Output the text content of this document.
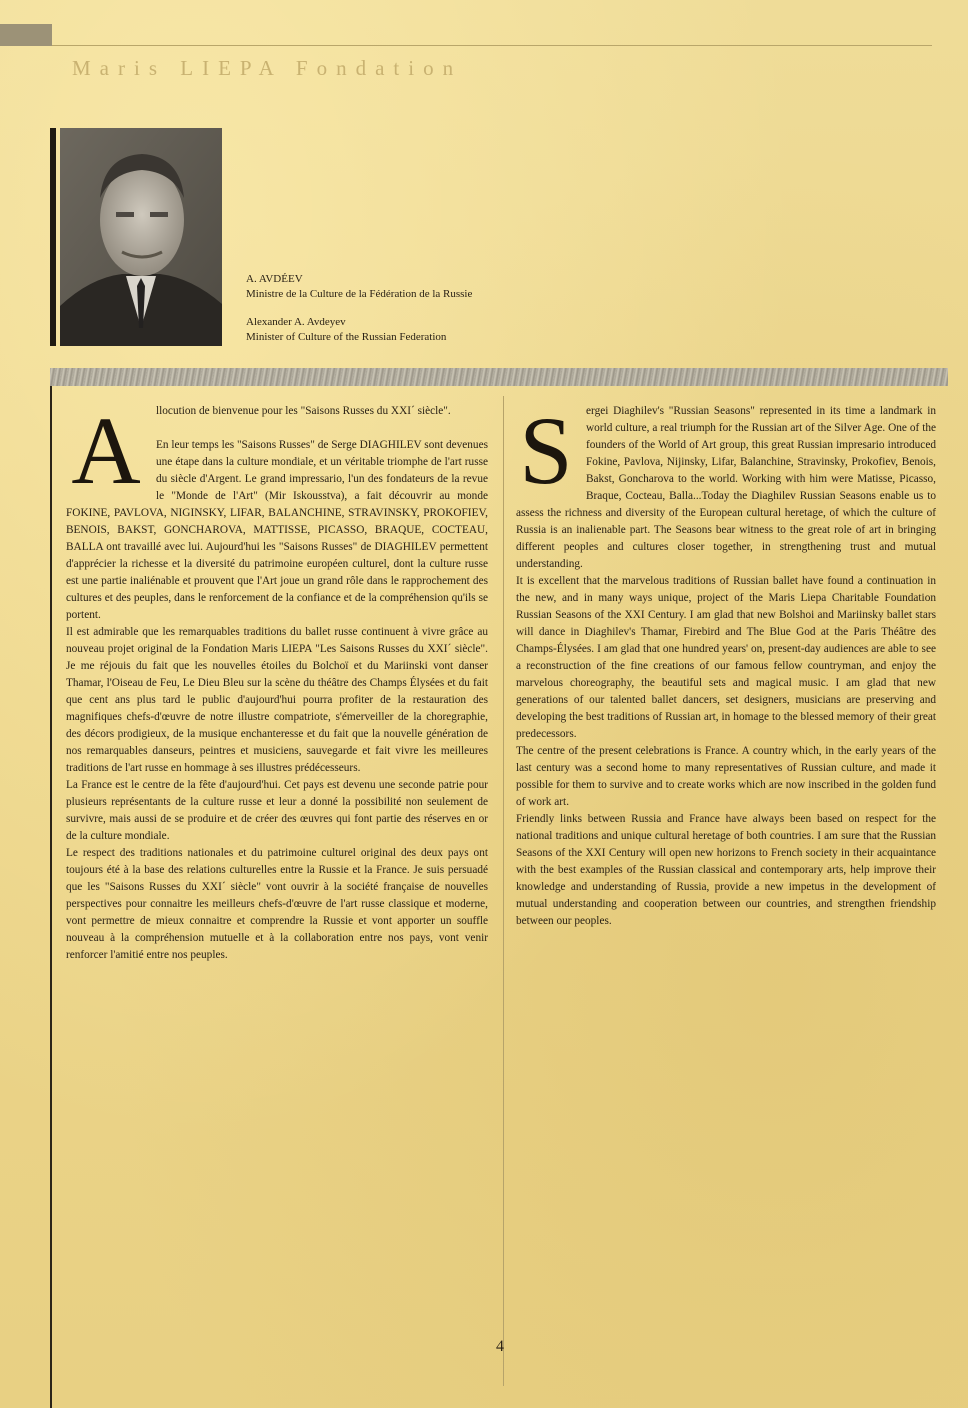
Maris LIEPA Fondation

A. AVDÉEV

Ministre de la Culture de la Fédération de la Russie

Alexander A. Avdeyev

Minister of Culture of the Russian Federation

A	llocution de bienvenue pour les "Saisons Russes du XXI´ siècle".

En leur temps les "Saisons Russes" de Serge DIAGHILEV sont devenues une étape dans la culture mondiale, et un véritable triomphe de l'art russe du siècle d'Argent. Le grand impressario, l'un des fondateurs de la revue le "Monde de l'Art" (Mir Iskousstva), a fait découvrir au monde FOKINE, PAVLOVA, NIGINSKY, LIFAR, BALANCHINE, STRAVINSKY, PROKOFIEV, BENOIS, BAKST, GONCHAROVA, MATTISSE, PICASSO, BRAQUE, COCTEAU, BALLA ont travaillé avec lui. Aujourd'hui les "Saisons Russes" de DIAGHILEV permettent d'apprécier la richesse et la diversité du patrimoine européen culturel, dont la culture russe est une partie inaliénable et prouvent que l'Art joue un grand rôle dans le rapprochement des cultures et des peuples, dans le renforcement de la confiance et de la compréhension qu'ils se portent.

Il est admirable que les remarquables traditions du ballet russe continuent à vivre grâce au nouveau projet original de la Fondation Maris LIEPA "Les Saisons Russes du XXI´ siècle". Je me réjouis du fait que les nouvelles étoiles du Bolchoï et du Mariinski vont danser Thamar, l'Oiseau de Feu, Le Dieu Bleu sur la scène du théâtre des Champs Élysées et du fait que cent ans plus tard le public d'aujourd'hui pourra profiter de la restauration des magnifiques chefs-d'œuvre de notre illustre compatriote, s'émerveiller de la choregraphie, des décors prodigieux, de la musique enchanteresse et du fait que la nouvelle génération de nos remarquables danseurs, peintres et musiciens, sauvegarde et fait vivre les meilleures traditions de l'art russe en hommage à ses illustres prédécesseurs.

La France est le centre de la fête d'aujourd'hui. Cet pays est devenu une seconde patrie pour plusieurs représentants de la culture russe et leur a donné la possibilité non seulement de survivre, mais aussi de se produire et de créer des œuvres qui font partie des réserves en or de la culture mondiale.

Le respect des traditions nationales et du patrimoine culturel original des deux pays ont toujours été à la base des relations culturelles entre la Russie et la France. Je suis persuadé que les "Saisons Russes du XXI´ siècle" vont ouvrir à la société française de nouvelles perspectives pour connaitre les meilleurs chefs-d'œuvre de l'art russe classique et moderne, vont permettre de mieux connaitre et comprendre la Russie et vont apporter un souffle nouveau à la compréhension mutuelle et à la collaboration entre nos pays, vont venir renforcer l'amitié entre nos peuples.

S	ergei Diaghilev's "Russian Seasons" represented in its time a landmark in world culture, a real triumph for the Russian art of the Silver Age. One of the founders of the World of Art group, this great Russian impresario introduced Fokine, Pavlova, Nijinsky, Lifar, Balanchine, Stravinsky, Prokofiev, Benois, Bakst, Goncharova to the world. Working with him were Matisse, Picasso, Braque, Cocteau, Balla...Today the Diaghilev Russian Seasons enable us to assess the richness and diversity of the European cultural heretage, of which the culture of Russia is an inalienable part. The Seasons bear witness to the great role of art in bringing different peoples and cultures closer together, in strengthening trust and mutual understanding.

It is excellent that the marvelous traditions of Russian ballet have found a continuation in the new, and in many ways unique, project of the Maris Liepa Charitable Foundation Russian Seasons of the XXI Century. I am glad that new Bolshoi and Mariinsky ballet stars will dance in Diaghilev's Thamar, Firebird and The Blue God at the Paris Théâtre des Champs-Élysées. I am glad that one hundred years' on, present-day audiences are able to see a reconstruction of the fine creations of our famous fellow countryman, and enjoy the marvelous choreography, the beautiful sets and magical music. I am glad that new generations of our talented ballet dancers, set designers, musicians are preserving and developing the best traditions of Russian art, in homage to the blessed memory of their great predecessors.

The centre of the present celebrations is France. A country which, in the early years of the last century was a second home to many representatives of Russian culture, and made it possible for them to survive and to create works which are now inscribed in the golden fund of work art.

Friendly links between Russia and France have always been based on respect for the national traditions and unique cultural heretage of both countries. I am sure that the Russian Seasons of the XXI Century will open new horizons to French society in their acquaintance with the best examples of the Russian classical and contemporary arts, help improve their knowledge and understanding of Russia, provide a new impetus in the development of mutual understanding and cooperation between our countries, and strengthen friendship between our peoples.

4
